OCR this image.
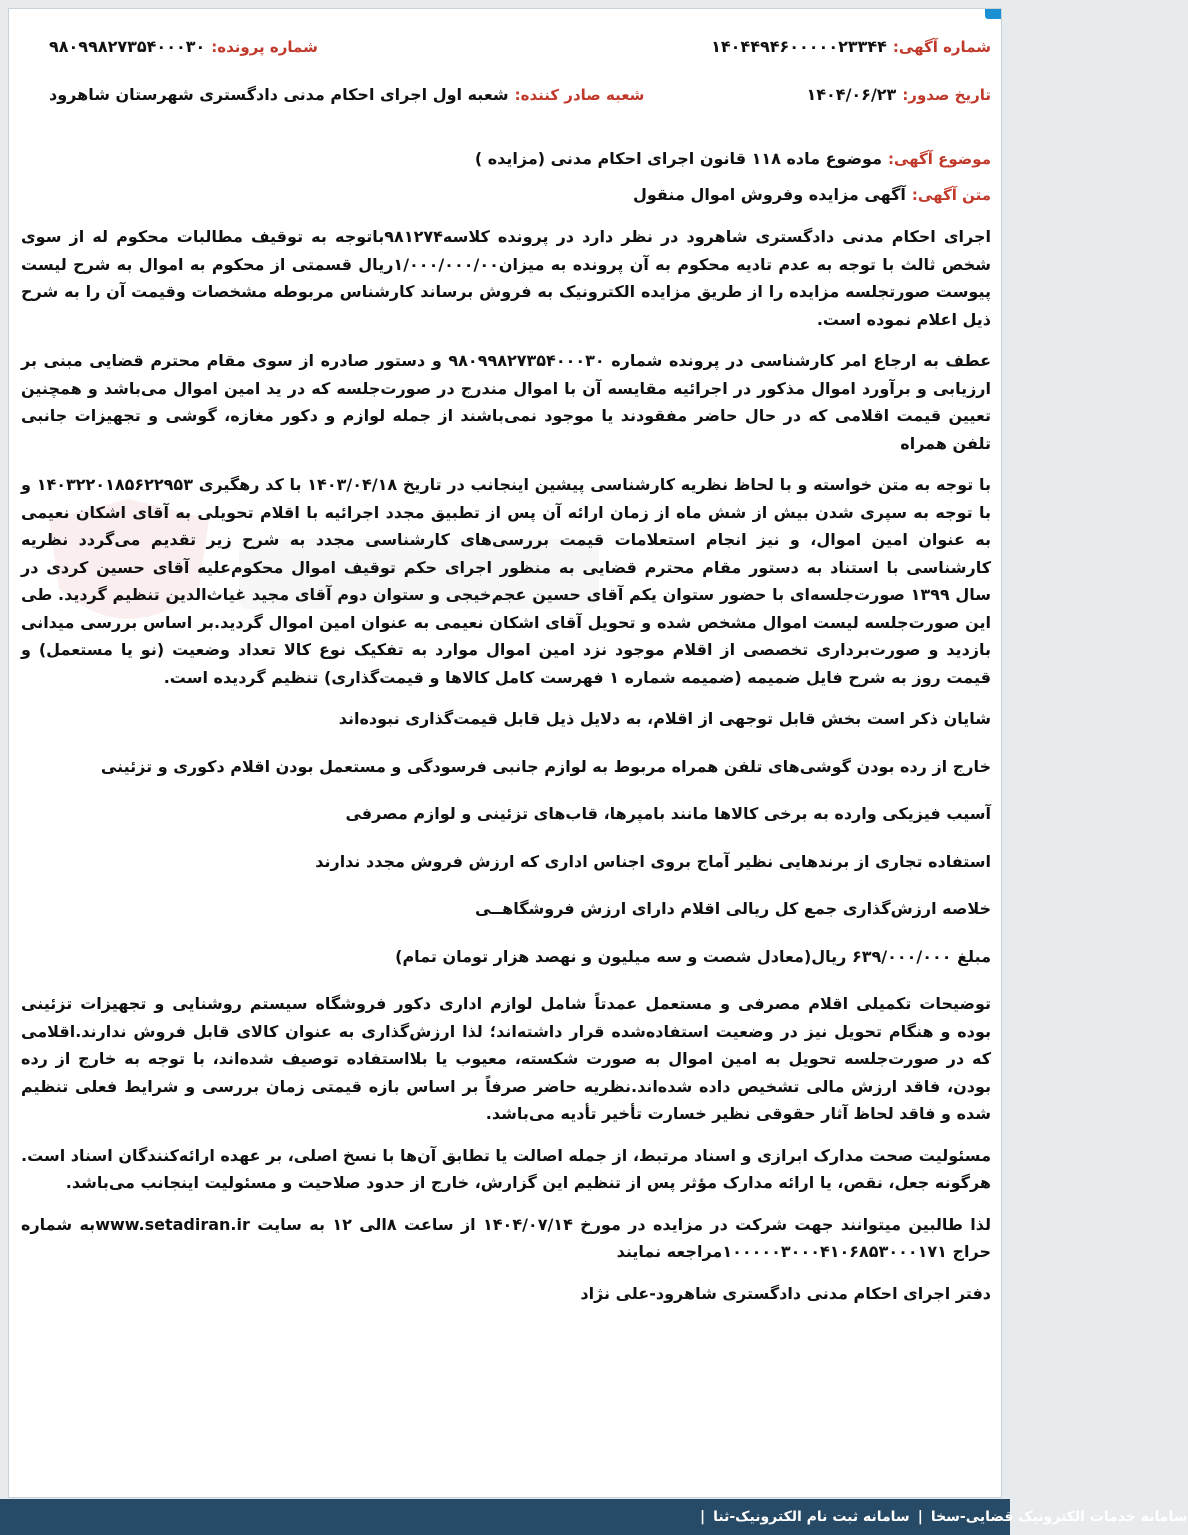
شماره آگهی:
۱۴۰۴۴۹۴۶۰۰۰۰۰۲۳۳۴۴
شماره پرونده:
۹۸۰۹۹۸۲۷۳۵۴۰۰۰۳۰
تاریخ صدور:
۱۴۰۴/۰۶/۲۳
شعبه صادر کننده:
شعبه اول اجرای احکام مدنی دادگستری شهرستان شاهرود
موضوع آگهی:
موضوع ماده ۱۱۸ قانون اجرای احکام مدنی (مزایده )
متن آگهی:
آگهی مزایده وفروش اموال منقول

اجرای احکام مدنی دادگستری شاهرود در نظر دارد در پرونده کلاسه۹۸۱۲۷۴باتوجه به توقیف مطالبات محکوم له از سوی شخص ثالث با توجه به عدم تادیه محکوم به آن پرونده به میزان۱/۰۰۰/۰۰۰/۰۰ریال قسمتی از محکوم به اموال به شرح لیست پیوست صورتجلسه مزایده را از طریق مزایده الکترونیک به فروش برساند کارشناس مربوطه مشخصات وقیمت آن را به شرح ذیل اعلام نموده است.

عطف به ارجاع امر کارشناسی در پرونده شماره ۹۸۰۹۹۸۲۷۳۵۴۰۰۰۳۰ و دستور صادره از سوی مقام محترم قضایی مبنی بر ارزیابی و برآورد اموال مذکور در اجرائیه مقایسه آن با اموال مندرج در صورت‌جلسه که در ید امین اموال می‌باشد و همچنین تعیین قیمت اقلامی که در حال حاضر مفقودند یا موجود نمی‌باشند از جمله لوازم و دکور مغازه، گوشی و تجهیزات جانبی تلفن همراه

با توجه به متن خواسته و با لحاظ نظریه کارشناسی پیشین اینجانب در تاریخ ۱۴۰۳/۰۴/۱۸ با کد رهگیری ۱۴۰۳۲۲۰۱۸۵۶۲۲۹۵۳ و با توجه به سپری شدن بیش از شش ماه از زمان ارائه آن پس از تطبیق مجدد اجرائیه با اقلام تحویلی به آقای اشکان نعیمی به عنوان امین اموال، و نیز انجام استعلامات قیمت بررسی‌های کارشناسی مجدد به شرح زیر تقدیم می‌گردد نظریه کارشناسی با استناد به دستور مقام محترم قضایی به منظور اجرای حکم توقیف اموال محکوم‌علیه آقای حسین کردی در سال ۱۳۹۹ صورت‌جلسه‌ای با حضور ستوان یکم آقای حسین عجم‌خیجی و ستوان دوم آقای مجید غیاث‌الدین تنظیم گردید. طی این صورت‌جلسه لیست اموال مشخص شده و تحویل آقای اشکان نعیمی به عنوان امین اموال گردید.بر اساس بررسی میدانی بازدید و صورت‌برداری تخصصی از اقلام موجود نزد امین اموال موارد به تفکیک نوع کالا تعداد وضعیت (نو یا مستعمل) و قیمت روز به شرح فایل ضمیمه (ضمیمه شماره ۱ فهرست کامل کالاها و قیمت‌گذاری) تنظیم گردیده است.

شایان ذکر است بخش قابل توجهی از اقلام، به دلایل ذیل قابل قیمت‌گذاری نبوده‌اند

خارج از رده بودن گوشی‌های تلفن همراه مربوط به لوازم جانبی فرسودگی و مستعمل بودن اقلام دکوری و تزئینی

آسیب فیزیکی وارده به برخی کالاها مانند بامپرها، قاب‌های تزئینی و لوازم مصرفی

استفاده تجاری از برندهایی نظیر آماج بروی اجناس اداری که ارزش فروش مجدد ندارند

خلاصه ارزش‌گذاری جمع کل ریالی اقلام دارای ارزش فروشگاهــی

مبلغ ۶۳۹/۰۰۰/۰۰۰ ریال(معادل شصت و سه میلیون و نهصد هزار تومان تمام)

توضیحات تکمیلی اقلام مصرفی و مستعمل عمدتاً شامل لوازم اداری دکور فروشگاه سیستم روشنایی و تجهیزات تزئینی بوده و هنگام تحویل نیز در وضعیت استفاده‌شده قرار داشته‌اند؛ لذا ارزش‌گذاری به عنوان کالای قابل فروش ندارند.اقلامی که در صورت‌جلسه تحویل به امین اموال به صورت شکسته، معیوب یا بلااستفاده توصیف شده‌اند، با توجه به خارج از رده بودن، فاقد ارزش مالی تشخیص داده شده‌اند.نظریه حاضر صرفاً بر اساس بازه قیمتی زمان بررسی و شرایط فعلی تنظیم شده و فاقد لحاظ آثار حقوقی نظیر خسارت تأخیر تأدیه می‌باشد.

مسئولیت صحت مدارک ابرازی و اسناد مرتبط، از جمله اصالت یا تطابق آن‌ها با نسخ اصلی، بر عهده ارائه‌کنندگان اسناد است. هرگونه جعل، نقص، یا ارائه مدارک مؤثر پس از تنظیم این گزارش، خارج از حدود صلاحیت و مسئولیت اینجانب می‌باشد.

لذا طالبین میتوانند جهت شرکت در مزایده در مورخ ۱۴۰۴/۰۷/۱۴ از ساعت ۸الی ۱۲ به سایت www.setadiran.irبه شماره حراج ۱۰۰۰۰۰۳۰۰۰۴۱۰۶۸۵۳۰۰۰۱۷۱مراجعه نمایند

دفتر اجرای احکام مدنی دادگستری شاهرود-علی نژاد

سامانه خدمات الکترونیک قضایی-سخا
|
سامانه ثبت نام الکترونیک-ثنا
|
